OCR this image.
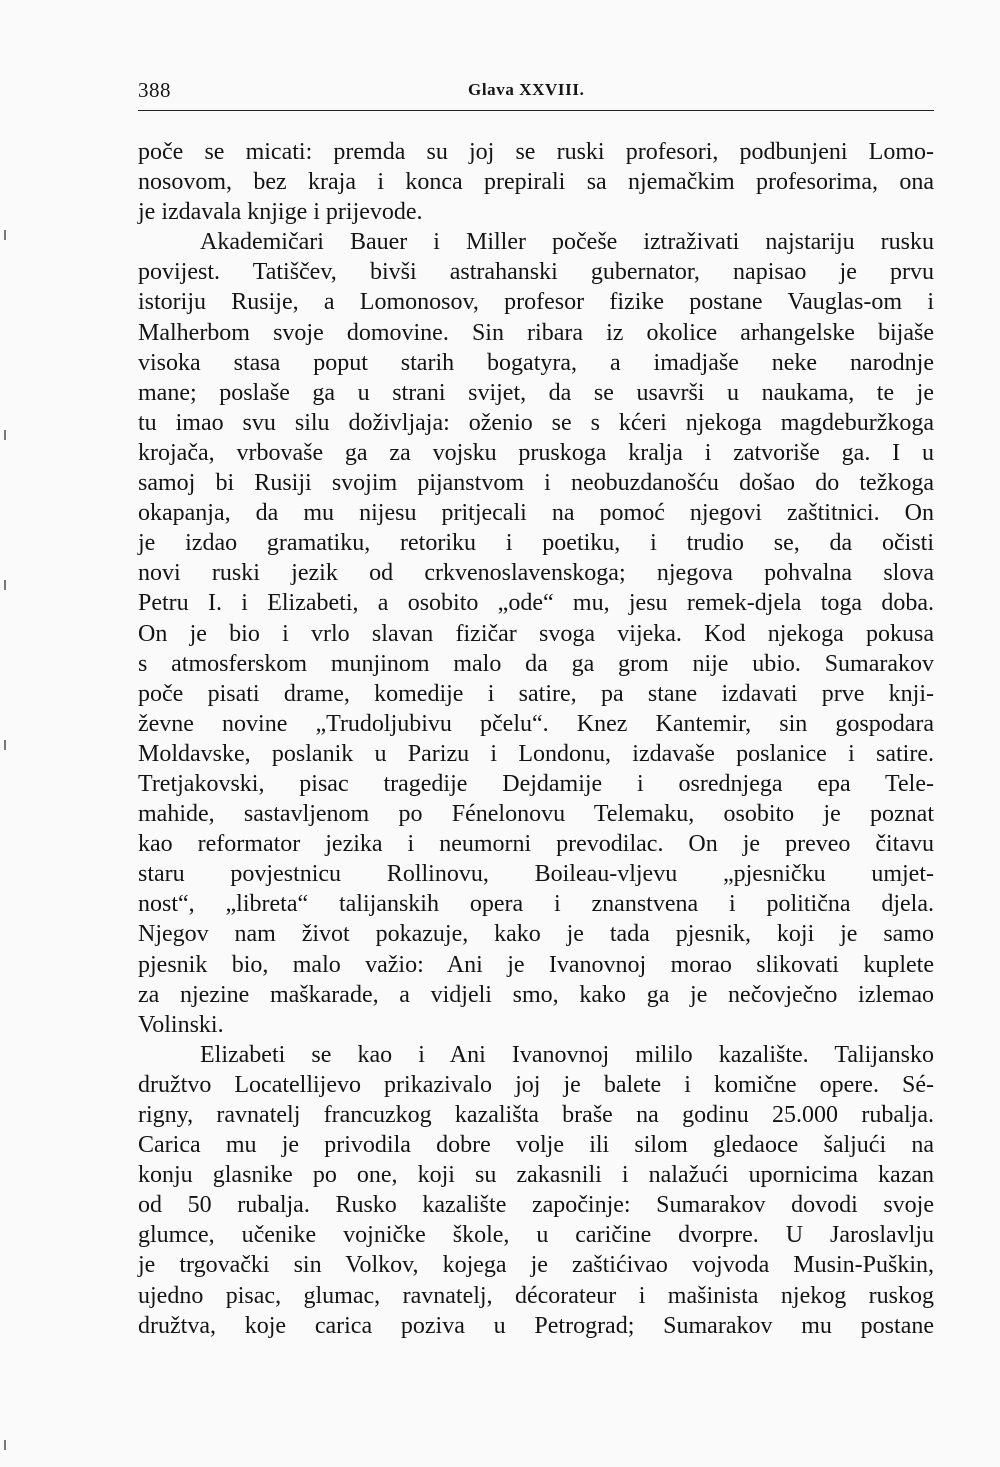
388	Glava XXVIII.
poče se micati: premda su joj se ruski profesori, podbunjeni Lomo-
nosovom, bez kraja i konca prepirali sa njemačkim profesorima, ona
je izdavala knjige i prijevode.
Akademičari Bauer i Miller počeše iztraživati najstariju rusku
povijest. Tatiščev, bivši astrahanski gubernator, napisao je prvu
istoriju Rusije, a Lomonosov, profesor fizike postane Vauglas-om i
Malherbom svoje domovine. Sin ribara iz okolice arhangelske bijaše
visoka stasa poput starih bogatyra, a imadjaše neke narodnje
mane; poslaše ga u strani svijet, da se usavrši u naukama, te je
tu imao svu silu doživljaja: oženio se s kćeri njekoga magdeburžkoga
krojača, vrbovaše ga za vojsku pruskoga kralja i zatvoriše ga. I u
samoj bi Rusiji svojim pijanstvom i neobuzdanošću došao do težkoga
okapanja, da mu nijesu pritjecali na pomoć njegovi zaštitnici. On
je izdao gramatiku, retoriku i poetiku, i trudio se, da očisti
novi ruski jezik od crkvenoslavenskoga; njegova pohvalna slova
Petru I. i Elizabeti, a osobito „ode“ mu, jesu remek-djela toga doba.
On je bio i vrlo slavan fizičar svoga vijeka. Kod njekoga pokusa
s atmosferskom munjinom malo da ga grom nije ubio. Sumarakov
poče pisati drame, komedije i satire, pa stane izdavati prve knji-
ževne novine „Trudoljubivu pčelu“. Knez Kantemir, sin gospodara
Moldavske, poslanik u Parizu i Londonu, izdavaše poslanice i satire.
Tretjakovski, pisac tragedije Dejdamije i osrednjega epa Tele-
mahide, sastavljenom po Fénelonovu Telemaku, osobito je poznat
kao reformator jezika i neumorni prevodilac. On je preveo čitavu
staru povjestnicu Rollinovu, Boileau-vljevu „pjesničku umjet-
nost“, „libreta“ talijanskih opera i znanstvena i politična djela.
Njegov nam život pokazuje, kako je tada pjesnik, koji je samo
pjesnik bio, malo važio: Ani je Ivanovnoj morao slikovati kuplete
za njezine maškarade, a vidjeli smo, kako ga je nečovječno izlemao
Volinski.
Elizabeti se kao i Ani Ivanovnoj mililo kazalište. Talijansko
družtvo Locatellijevo prikazivalo joj je balete i komične opere. Sé-
rigny, ravnatelj francuzkog kazališta braše na godinu 25.000 rubalja.
Carica mu je privodila dobre volje ili silom gledaoce šaljući na
konju glasnike po one, koji su zakasnili i nalažući upornicima kazan
od 50 rubalja. Rusko kazalište započinje: Sumarakov dovodi svoje
glumce, učenike vojničke škole, u caričine dvorpre. U Jaroslavlju
je trgovački sin Volkov, kojega je zaštićivao vojvoda Musin-Puškin,
ujedno pisac, glumac, ravnatelj, décorateur i mašinista njekog ruskog
družtva, koje carica poziva u Petrograd; Sumarakov mu postane
